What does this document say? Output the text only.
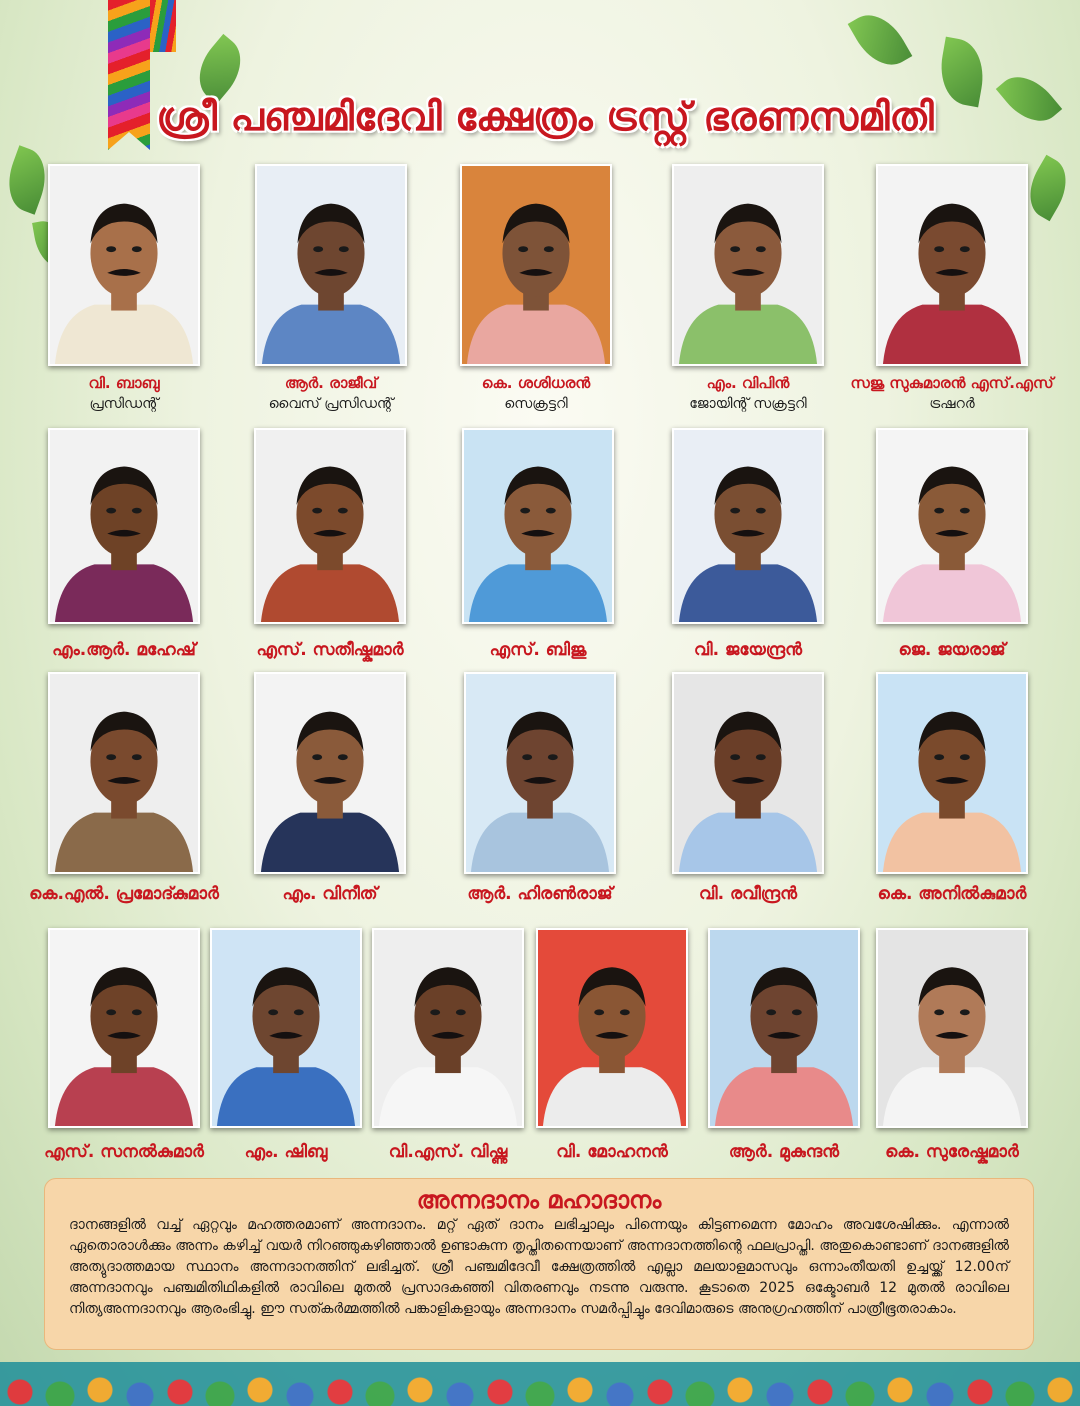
ശ്രീ പഞ്ചമിദേവി ക്ഷേത്രം ട്രസ്റ്റ് ഭരണസമിതി
വി. ബാബു
പ്രസിഡന്റ്
ആർ. രാജീവ്
വൈസ് പ്രസിഡന്റ്
കെ. ശശിധരൻ
സെക്രട്ടറി
എം. വിപിൻ
ജോയിന്റ് സക്രട്ടറി
സജു സുകുമാരൻ എസ്.എസ്
ട്രഷറർ
എം.ആർ. മഹേഷ്	എസ്. സതീഷ്കുമാർ	എസ്. ബിജു	വി. ജയേന്ദ്രൻ	ജെ. ജയരാജ്
കെ.എൽ. പ്രമോദ്കുമാർ	എം. വിനീത്	ആർ. ഹിരൺരാജ്	വി. രവീന്ദ്രൻ	കെ. അനിൽകുമാർ
എസ്. സനൽകുമാർ	എം. ഷിബു	വി.എസ്. വിഷ്ണു	വി. മോഹനൻ	ആർ. മുകുന്ദൻ	കെ. സുരേഷ്കുമാർ
അന്നദാനം മഹാദാനം
ദാനങ്ങളിൽ വച്ച് ഏറ്റവും മഹത്തരമാണ് അന്നദാനം. മറ്റ് ഏത് ദാനം ലഭിച്ചാലും പിന്നെയും കിട്ടണമെന്ന മോഹം അവശേഷിക്കും. എന്നാൽ ഏതൊരാൾക്കും അന്നം കഴിച്ച് വയർ നിറഞ്ഞുകഴിഞ്ഞാൽ ഉണ്ടാകുന്ന തൃപ്തിതന്നെയാണ് അന്നദാനത്തിന്റെ ഫലപ്രാപ്തി. അതുകൊണ്ടാണ് ദാനങ്ങളിൽ അത്യുദാത്തമായ സ്ഥാനം അന്നദാനത്തിന് ലഭിച്ചത്. ശ്രീ പഞ്ചമിദേവീ ക്ഷേത്രത്തിൽ എല്ലാ മലയാളമാസവും ഒന്നാംതീയതി ഉച്ചയ്ക്ക് 12.00ന് അന്നദാനവും പഞ്ചമിതിഥികളിൽ രാവിലെ മുതൽ പ്രസാദകഞ്ഞി വിതരണവും നടന്നു വരുന്നു. കൂടാതെ 2025 ഒക്ടോബർ 12 മുതൽ രാവിലെ നിത്യഅന്നദാനവും ആരംഭിച്ചു. ഈ സത്കർമ്മത്തിൽ പങ്കാളികളായും അന്നദാനം സമർപ്പിച്ചും ദേവിമാരുടെ അനുഗ്രഹത്തിന് പാത്രീഭൂതരാകാം.
